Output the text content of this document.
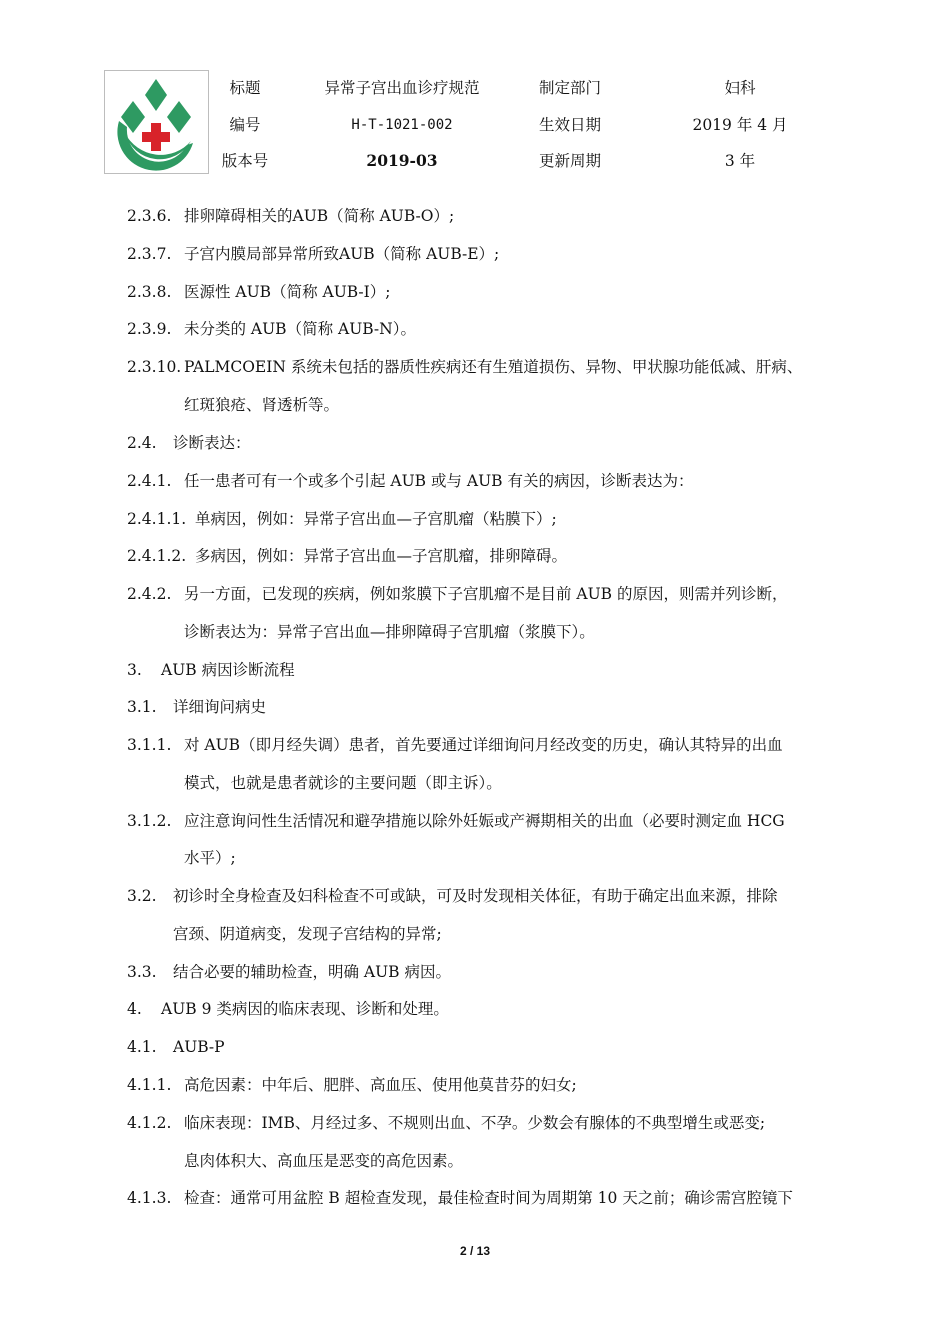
标题	异常子宫出血诊疗规范	制定部门	妇科
编号	H-T-1021-002	生效日期	2019 年 4 月
版本号	2019-03	更新周期	3 年
2.3.6. 排卵障碍相关的AUB（简称 AUB-O）;
2.3.7. 子宫内膜局部异常所致AUB（简称 AUB-E）;
2.3.8. 医源性 AUB（简称 AUB-I）;
2.3.9. 未分类的 AUB（简称 AUB-N）。
2.3.10. PALMCOEIN 系统未包括的器质性疾病还有生殖道损伤、异物、甲状腺功能低减、肝病、
红斑狼疮、肾透析等。
2.4. 诊断表达：
2.4.1. 任一患者可有一个或多个引起 AUB 或与 AUB 有关的病因，诊断表达为：
2.4.1.1. 单病因，例如：异常子宫出血—子宫肌瘤（粘膜下）;
2.4.1.2. 多病因，例如：异常子宫出血—子宫肌瘤，排卵障碍。
2.4.2. 另一方面，已发现的疾病，例如浆膜下子宫肌瘤不是目前 AUB 的原因，则需并列诊断，
诊断表达为：异常子宫出血—排卵障碍子宫肌瘤（浆膜下）。
3. AUB 病因诊断流程
3.1. 详细询问病史
3.1.1. 对 AUB（即月经失调）患者，首先要通过详细询问月经改变的历史，确认其特异的出血
模式，也就是患者就诊的主要问题（即主诉）。
3.1.2. 应注意询问性生活情况和避孕措施以除外妊娠或产褥期相关的出血（必要时测定血 HCG
水平）;
3.2. 初诊时全身检查及妇科检查不可或缺，可及时发现相关体征，有助于确定出血来源，排除
宫颈、阴道病变，发现子宫结构的异常;
3.3. 结合必要的辅助检查，明确 AUB 病因。
4. AUB 9 类病因的临床表现、诊断和处理。
4.1. AUB-P
4.1.1. 高危因素：中年后、肥胖、高血压、使用他莫昔芬的妇女;
4.1.2. 临床表现：IMB、月经过多、不规则出血、不孕。少数会有腺体的不典型增生或恶变;
息肉体积大、高血压是恶变的高危因素。
4.1.3. 检查：通常可用盆腔 B 超检查发现，最佳检查时间为周期第 10 天之前；确诊需宫腔镜下
2 / 13
